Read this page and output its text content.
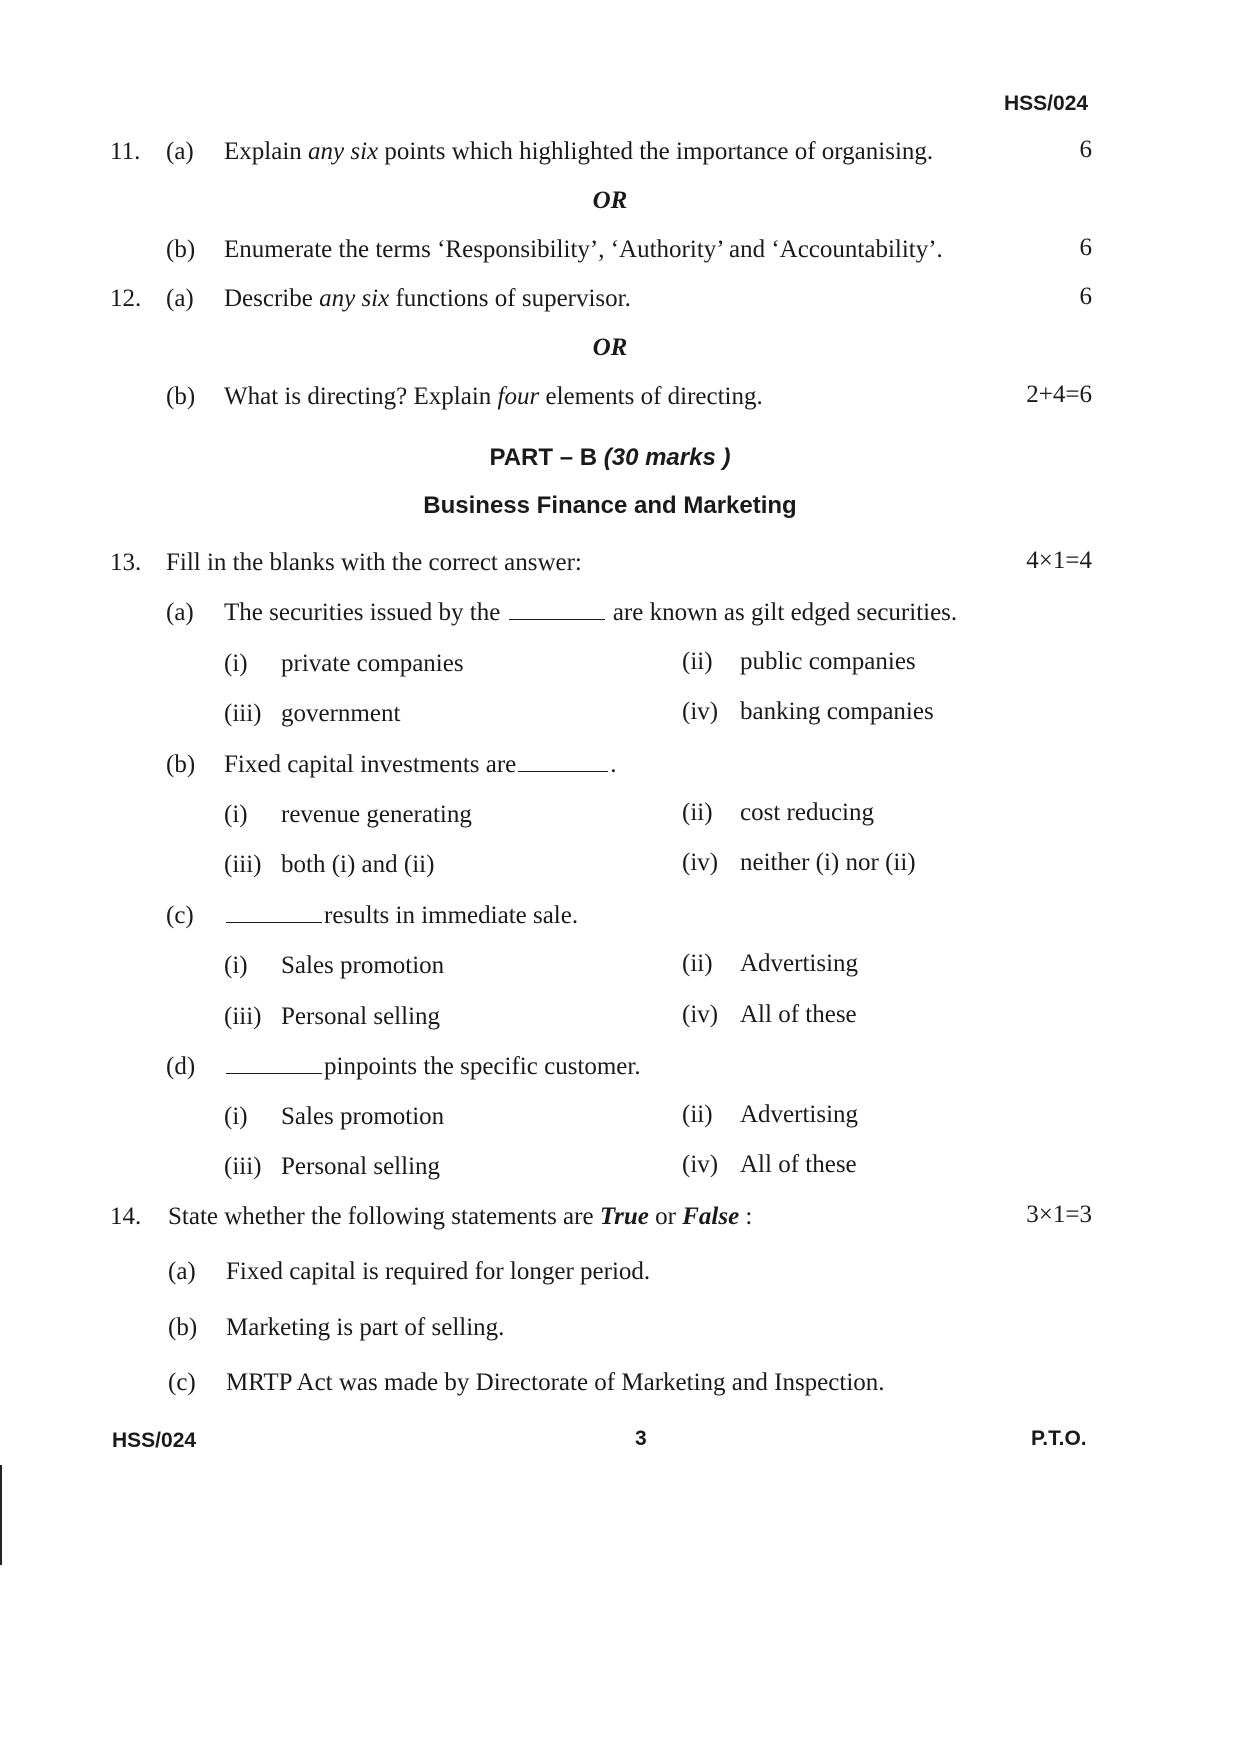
HSS/024
11. (a) Explain any six points which highlighted the importance of organising.	6
OR
(b) Enumerate the terms ‘Responsibility’, ‘Authority’ and ‘Accountability’.	6
12. (a) Describe any six functions of supervisor.	6
OR
(b) What is directing? Explain four elements of directing.	2+4=6
PART – B (30 marks )
Business Finance and Marketing
13. Fill in the blanks with the correct answer:	4×1=4
(a) The securities issued by the	are known as gilt edged securities.
(i) private companies	(ii) public companies
(iii) government	(iv) banking companies
(b) Fixed capital investments are	.
(i) revenue generating	(ii) cost reducing
(iii) both (i) and (ii)	(iv) neither (i) nor (ii)
(c)	results in immediate sale.
(i) Sales promotion	(ii) Advertising
(iii) Personal selling	(iv) All of these
(d)	pinpoints the specific customer.
(i) Sales promotion	(ii) Advertising
(iii) Personal selling	(iv) All of these
14. State whether the following statements are True or False :	3×1=3
(a) Fixed capital is required for longer period.
(b) Marketing is part of selling.
(c) MRTP Act was made by Directorate of Marketing and Inspection.
HSS/024	3	P.T.O.
